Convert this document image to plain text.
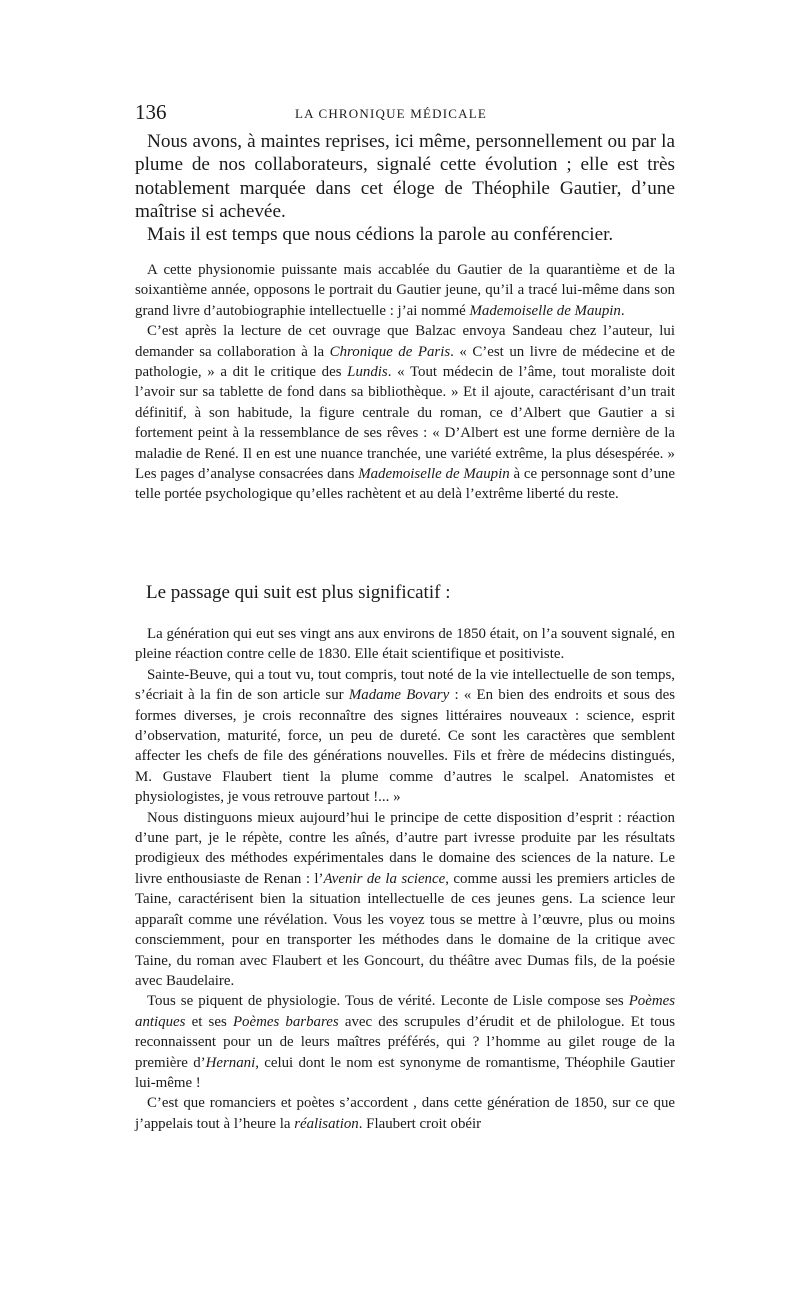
136	LA CHRONIQUE MÉDICALE

Nous avons, à maintes reprises, ici même, personnellement ou par la plume de nos collaborateurs, signalé cette évolution ; elle est très notablement marquée dans cet éloge de Théophile Gautier, d’une maîtrise si achevée.

Mais il est temps que nous cédions la parole au conférencier.

A cette physionomie puissante mais accablée du Gautier de la quarantième et de la soixantième année, opposons le portrait du Gautier jeune, qu’il a tracé lui-même dans son grand livre d’autobiographie intellectuelle : j’ai nommé Mademoiselle de Maupin.

C’est après la lecture de cet ouvrage que Balzac envoya Sandeau chez l’auteur, lui demander sa collaboration à la Chronique de Paris. « C’est un livre de médecine et de pathologie, » a dit le critique des Lundis. « Tout médecin de l’âme, tout moraliste doit l’avoir sur sa tablette de fond dans sa bibliothèque. » Et il ajoute, caractérisant d’un trait définitif, à son habitude, la figure centrale du roman, ce d’Albert que Gautier a si fortement peint à la ressemblance de ses rêves : « D’Albert est une forme dernière de la maladie de René. Il en est une nuance tranchée, une variété extrême, la plus désespérée. » Les pages d’analyse consacrées dans Mademoiselle de Maupin à ce personnage sont d’une telle portée psychologique qu’elles rachètent et au delà l’extrême liberté du reste.

Le passage qui suit est plus significatif :

La génération qui eut ses vingt ans aux environs de 1850 était, on l’a souvent signalé, en pleine réaction contre celle de 1830. Elle était scientifique et positiviste.

Sainte-Beuve, qui a tout vu, tout compris, tout noté de la vie intellectuelle de son temps, s’écriait à la fin de son article sur Madame Bovary : « En bien des endroits et sous des formes diverses, je crois reconnaître des signes littéraires nouveaux : science, esprit d’observation, maturité, force, un peu de dureté. Ce sont les caractères que semblent affecter les chefs de file des générations nouvelles. Fils et frère de médecins distingués, M. Gustave Flaubert tient la plume comme d’autres le scalpel. Anatomistes et physiologistes, je vous retrouve partout !... »

Nous distinguons mieux aujourd’hui le principe de cette disposition d’esprit : réaction d’une part, je le répète, contre les aînés, d’autre part ivresse produite par les résultats prodigieux des méthodes expérimentales dans le domaine des sciences de la nature. Le livre enthousiaste de Renan : l’Avenir de la science, comme aussi les premiers articles de Taine, caractérisent bien la situation intellectuelle de ces jeunes gens. La science leur apparaît comme une révélation. Vous les voyez tous se mettre à l’œuvre, plus ou moins consciemment, pour en transporter les méthodes dans le domaine de la critique avec Taine, du roman avec Flaubert et les Goncourt, du théâtre avec Dumas fils, de la poésie avec Baudelaire.

Tous se piquent de physiologie. Tous de vérité. Leconte de Lisle compose ses Poèmes antiques et ses Poèmes barbares avec des scrupules d’érudit et de philologue. Et tous reconnaissent pour un de leurs maîtres préférés, qui ? l’homme au gilet rouge de la première d’Hernani, celui dont le nom est synonyme de romantisme, Théophile Gautier lui-même !

C’est que romanciers et poètes s’accordent , dans cette génération de 1850, sur ce que j’appelais tout à l’heure la réalisation. Flaubert croit obéir
